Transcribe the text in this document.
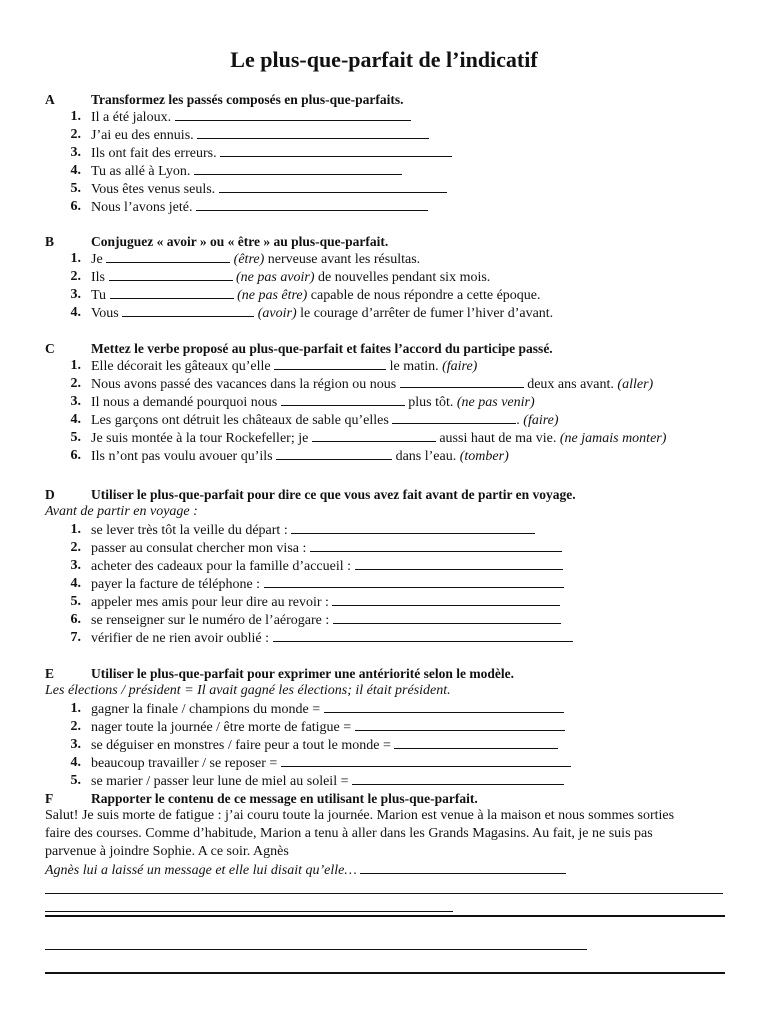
Le plus-que-parfait de l’indicatif
A	Transformez les passés composés en plus-que-parfaits.
1. Il a été jaloux.
2. J’ai eu des ennuis.
3. Ils ont fait des erreurs.
4. Tu as allé à Lyon.
5. Vous êtes venus seuls.
6. Nous l’avons jeté.
B	Conjuguez « avoir » ou « être » au plus-que-parfait.
1. Je	(être) nerveuse avant les résultas.
2. Ils	(ne pas avoir) de nouvelles pendant six mois.
3. Tu	(ne pas être) capable de nous répondre a cette époque.
4. Vous	(avoir) le courage d’arrêter de fumer l’hiver d’avant.
C	Mettez le verbe proposé au plus-que-parfait et faites l’accord du participe passé.
1. Elle décorait les gâteaux qu’elle	le matin. (faire)
2. Nous avons passé des vacances dans la région ou nous	deux ans avant. (aller)
3. Il nous a demandé pourquoi nous	plus tôt. (ne pas venir)
4. Les garçons ont détruit les châteaux de sable qu’elles	. (faire)
5. Je suis montée à la tour Rockefeller; je	aussi haut de ma vie. (ne jamais monter)
6. Ils n’ont pas voulu avouer qu’ils	dans l’eau. (tomber)
D	Utiliser le plus-que-parfait pour dire ce que vous avez fait avant de partir en voyage.
Avant de partir en voyage :
1. se lever très tôt la veille du départ :
2. passer au consulat chercher mon visa :
3. acheter des cadeaux pour la famille d’accueil :
4. payer la facture de téléphone :
5. appeler mes amis pour leur dire au revoir :
6. se renseigner sur le numéro de l’aérogare :
7. vérifier de ne rien avoir oublié :
E	Utiliser le plus-que-parfait pour exprimer une antériorité selon le modèle.
Les élections / président = Il avait gagné les élections; il était président.
1. gagner la finale / champions du monde =
2. nager toute la journée / être morte de fatigue =
3. se déguiser en monstres / faire peur a tout le monde =
4. beaucoup travailler / se reposer =
5. se marier / passer leur lune de miel au soleil =
F	Rapporter le contenu de ce message en utilisant le plus-que-parfait.
Salut! Je suis morte de fatigue : j’ai couru toute la journée. Marion est venue à la maison et nous sommes sorties
faire des courses. Comme d’habitude, Marion a tenu à aller dans les Grands Magasins. Au fait, je ne suis pas
parvenue à joindre Sophie. A ce soir. Agnès
Agnès lui a laissé un message et elle lui disait qu’elle…
